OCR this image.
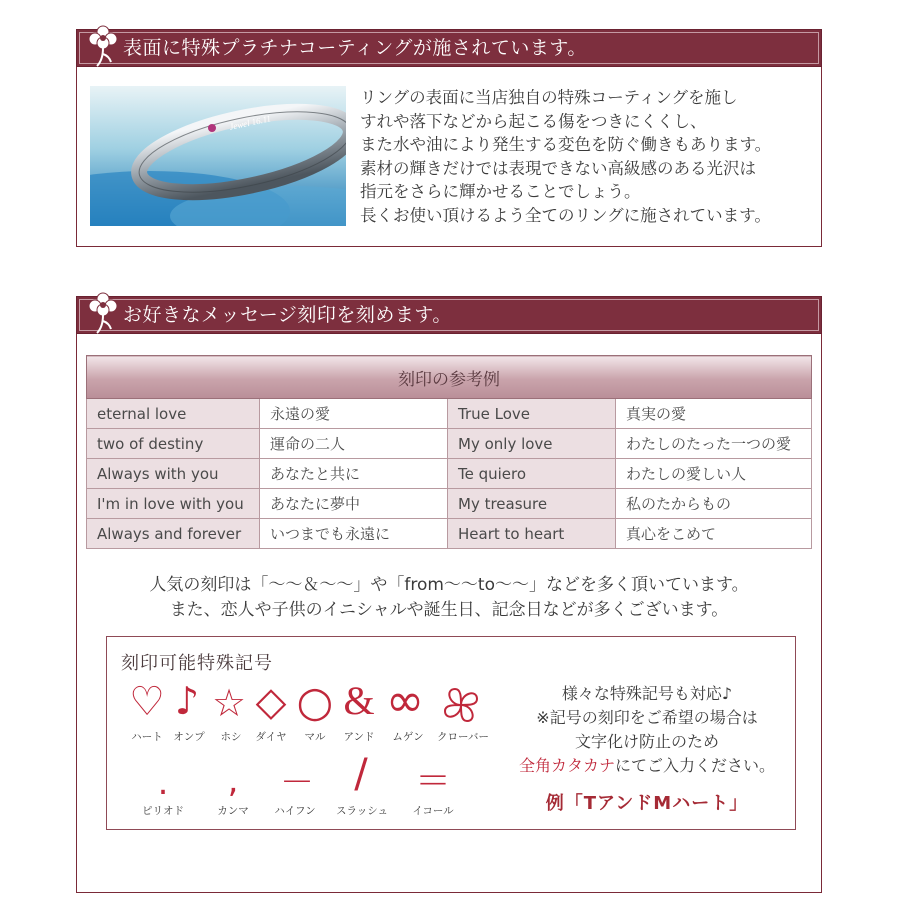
表面に特殊プラチナコーティングが施されています。
Jewel 16.11
リングの表面に当店独自の特殊コーティングを施し
すれや落下などから起こる傷をつきにくくし、
また水や油により発生する変色を防ぐ働きもあります。
素材の輝きだけでは表現できない高級感のある光沢は
指元をさらに輝かせることでしょう。
長くお使い頂けるよう全てのリングに施されています。
お好きなメッセージ刻印を刻めます。
刻印の参考例			
eternal love	永遠の愛	True Love	真実の愛
two of destiny	運命の二人	My only love	わたしのたった一つの愛
Always with you	あなたと共に	Te quiero	わたしの愛しい人
I'm in love with you	あなたに夢中	My treasure	私のたからもの
Always and forever	いつまでも永遠に	Heart to heart	真心をこめて
人気の刻印は「～～＆～～」や「from～～to～～」などを多く頂いています。
また、恋人や子供のイニシャルや誕生日、記念日などが多くございます。
刻印可能特殊記号
♡ ♪ ☆ ◇ ○ & ∞
ハート	オンプ	ホシ	ダイヤ	マル	アンド	ムゲン	クローバー
.	,	－	/	＝
ピリオド	カンマ	ハイフン	スラッシュ	イコール
様々な特殊記号も対応♪
※記号の刻印をご希望の場合は
文字化け防止のため
全角カタカナにてご入力ください。
例「TアンドMハート」
